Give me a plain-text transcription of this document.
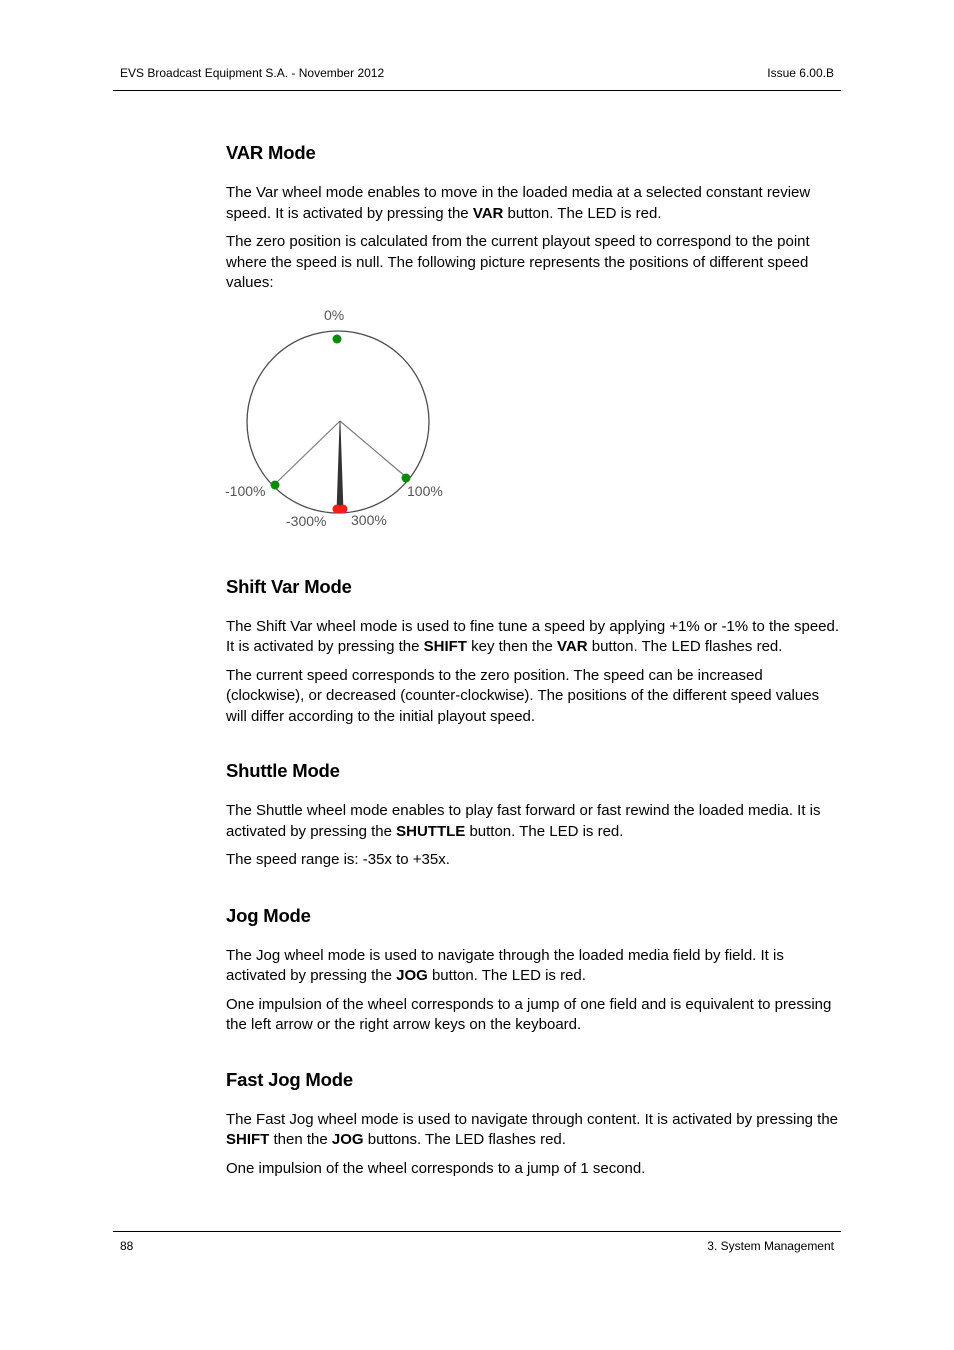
EVS Broadcast Equipment S.A. - November 2012	Issue 6.00.B
VAR Mode

The Var wheel mode enables to move in the loaded media at a selected constant review speed. It is activated by pressing the VAR button. The LED is red.

The zero position is calculated from the current playout speed to correspond to the point where the speed is null. The following picture represents the positions of different speed values:

0%
-100%	100%
-300% 300%
Shift Var Mode

The Shift Var wheel mode is used to fine tune a speed by applying +1% or -1% to the speed. It is activated by pressing the SHIFT key then the VAR button. The LED flashes red.

The current speed corresponds to the zero position. The speed can be increased (clockwise), or decreased (counter-clockwise). The positions of the different speed values will differ according to the initial playout speed.

Shuttle Mode

The Shuttle wheel mode enables to play fast forward or fast rewind the loaded media. It is activated by pressing the SHUTTLE button. The LED is red.

The speed range is: -35x to +35x.

Jog Mode

The Jog wheel mode is used to navigate through the loaded media field by field. It is activated by pressing the JOG button. The LED is red.

One impulsion of the wheel corresponds to a jump of one field and is equivalent to pressing the left arrow or the right arrow keys on the keyboard.

Fast Jog Mode

The Fast Jog wheel mode is used to navigate through content. It is activated by pressing the SHIFT then the JOG buttons. The LED flashes red.

One impulsion of the wheel corresponds to a jump of 1 second.

88	3. System Management
